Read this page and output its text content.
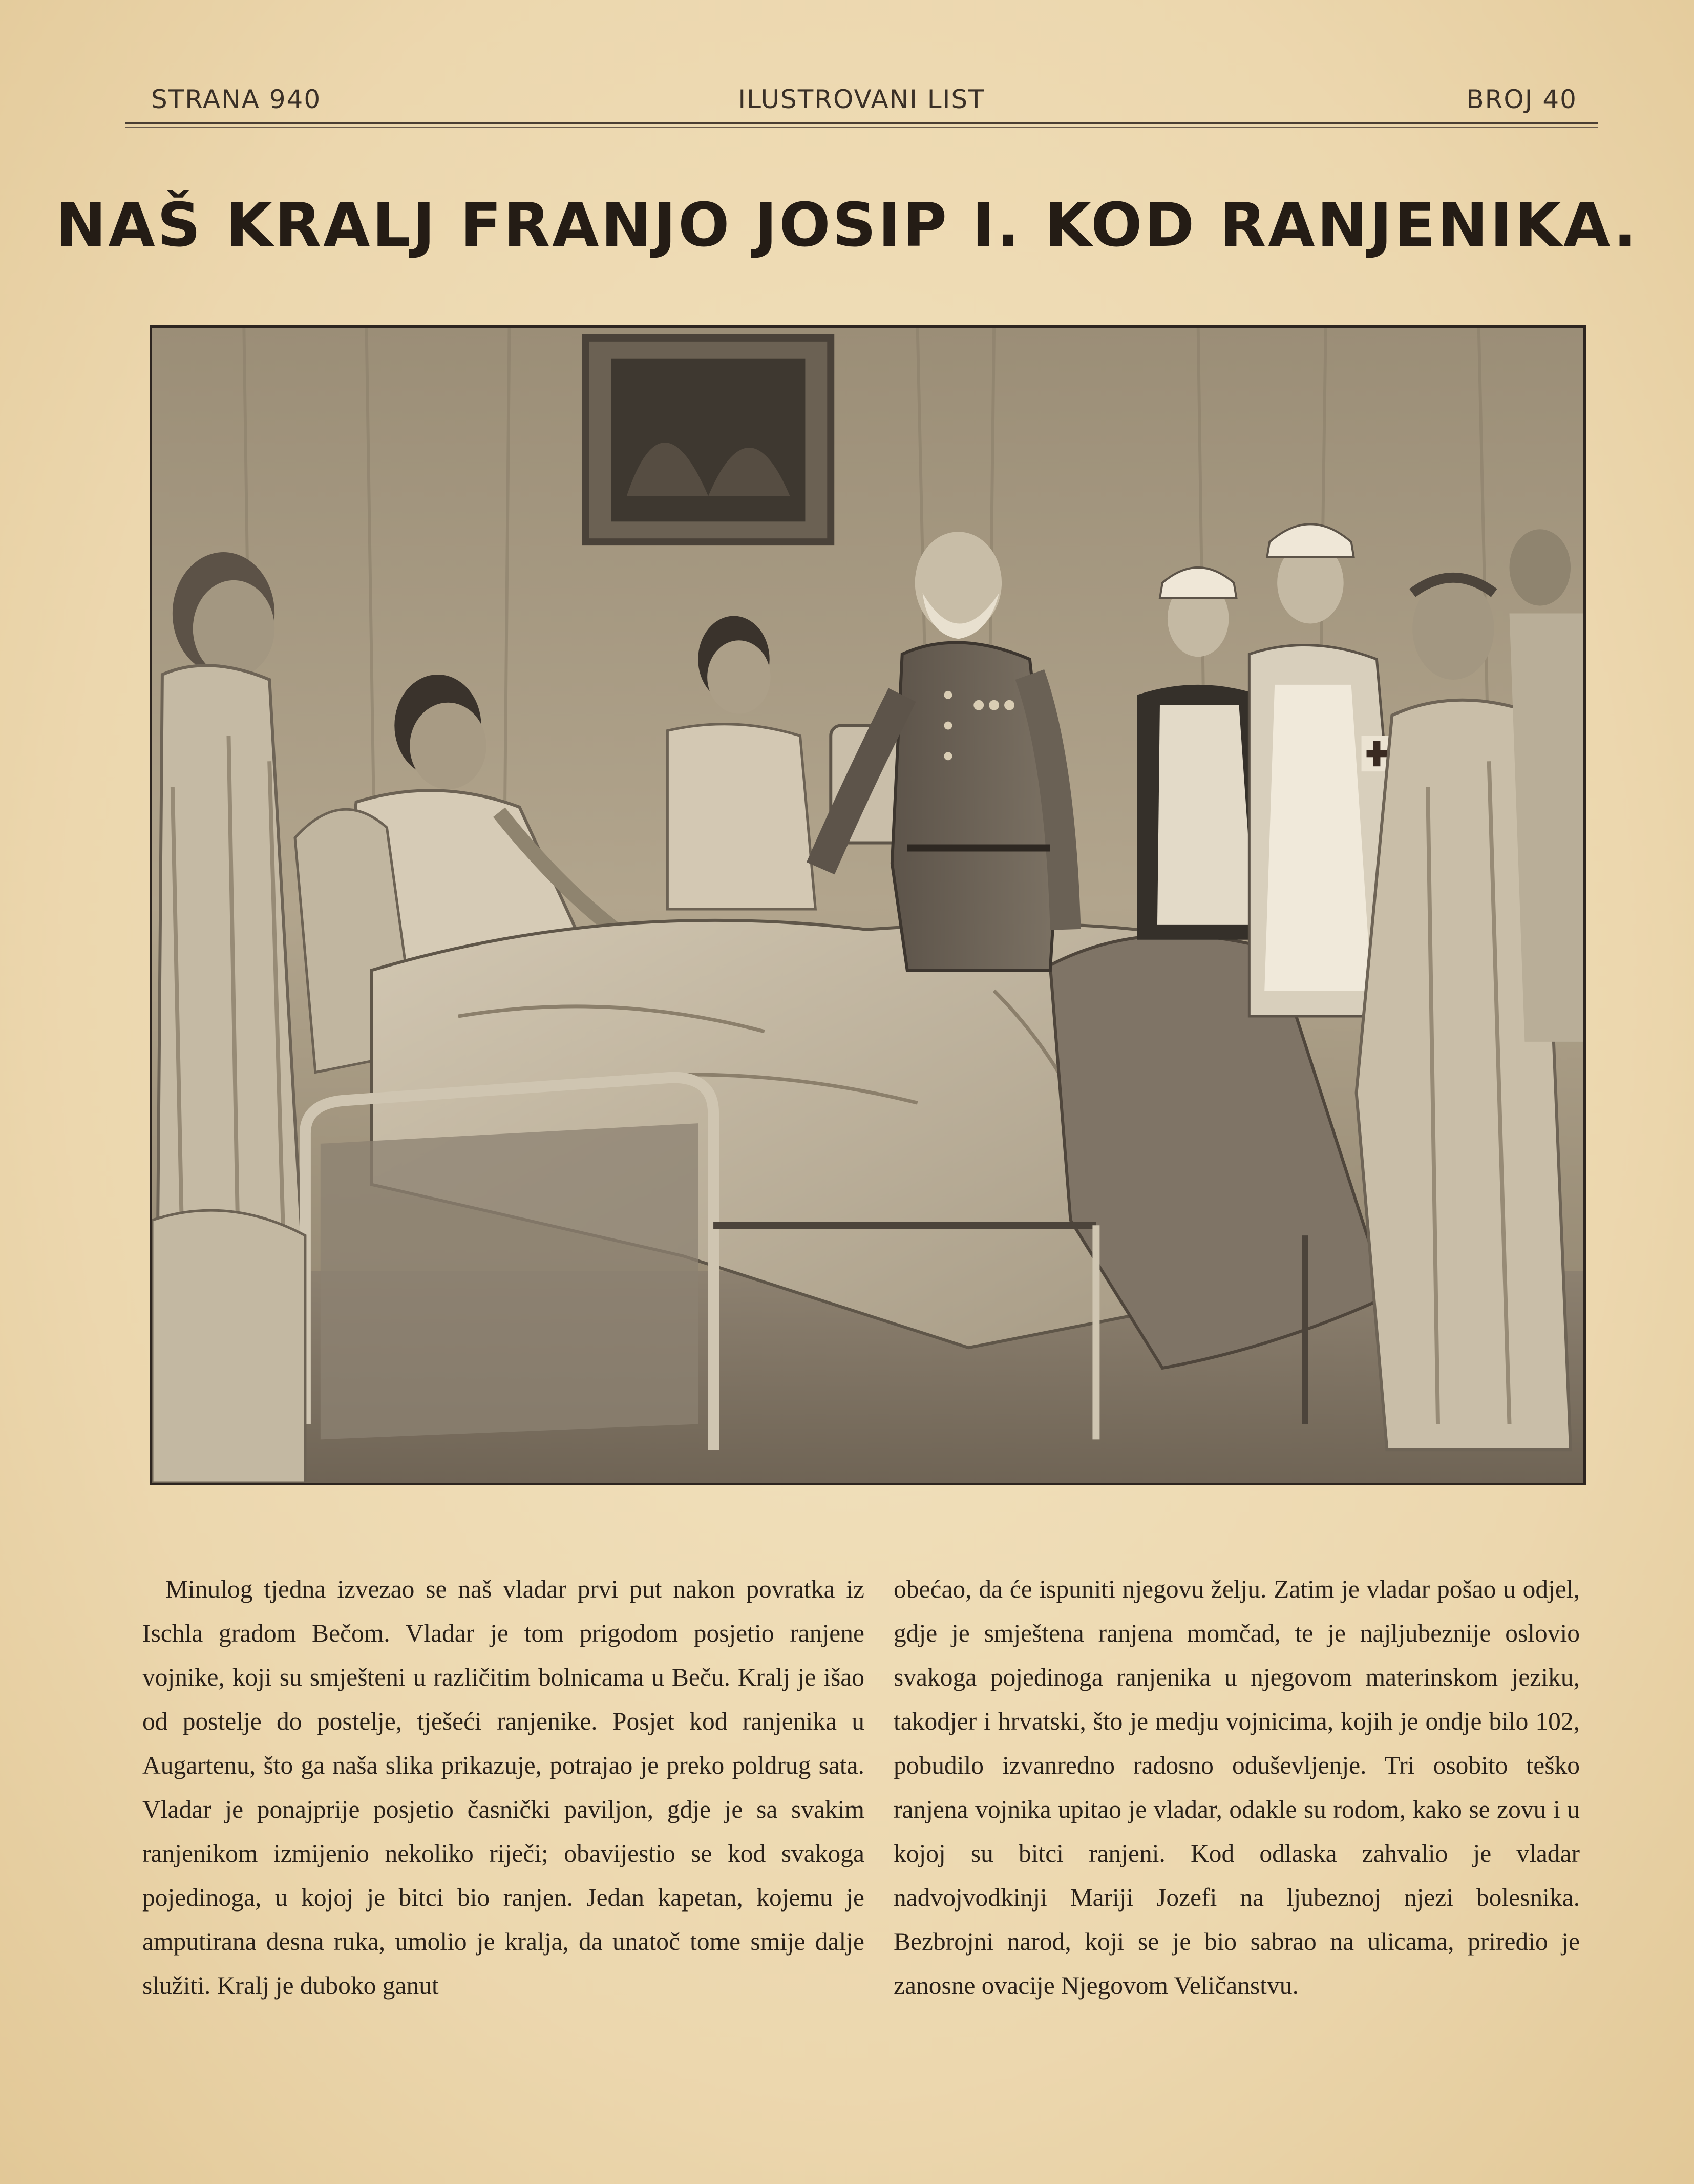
STRANA 940	ILUSTROVANI LIST	BROJ 40
NAŠ KRALJ FRANJO JOSIP I. KOD RANJENIKA.

Minulog tjedna izvezao se naš vladar prvi put nakon povratka iz Ischla gradom Bečom. Vladar je tom prigodom posjetio ranjene vojnike, koji su smješteni u različitim bolnicama u Beču. Kralj je išao od postelje do postelje, tješeći ranjenike. Posjet kod ranjenika u Augartenu, što ga naša slika prikazuje, potrajao je preko poldrug sata. Vladar je ponajprije posjetio časnički paviljon, gdje je sa svakim ranjenikom izmijenio nekoliko riječi; obavijestio se kod svakoga pojedinoga, u kojoj je bitci bio ranjen. Jedan kapetan, kojemu je amputirana desna ruka, umolio je kralja, da unatoč tome smije dalje služiti. Kralj je duboko ganut

obećao, da će ispuniti njegovu želju. Zatim je vladar pošao u odjel, gdje je smještena ranjena momčad, te je najljubeznije oslovio svakoga pojedinoga ranjenika u njegovom materinskom jeziku, takodjer i hrvatski, što je medju vojnicima, kojih je ondje bilo 102, pobudilo izvanredno radosno oduševljenje. Tri osobito teško ranjena vojnika upitao je vladar, odakle su rodom, kako se zovu i u kojoj su bitci ranjeni. Kod odlaska zahvalio je vladar nadvojvodkinji Mariji Jozefi na ljubeznoj njezi bolesnika. Bezbrojni narod, koji se je bio sabrao na ulicama, priredio je zanosne ovacije Njegovom Veličanstvu.
